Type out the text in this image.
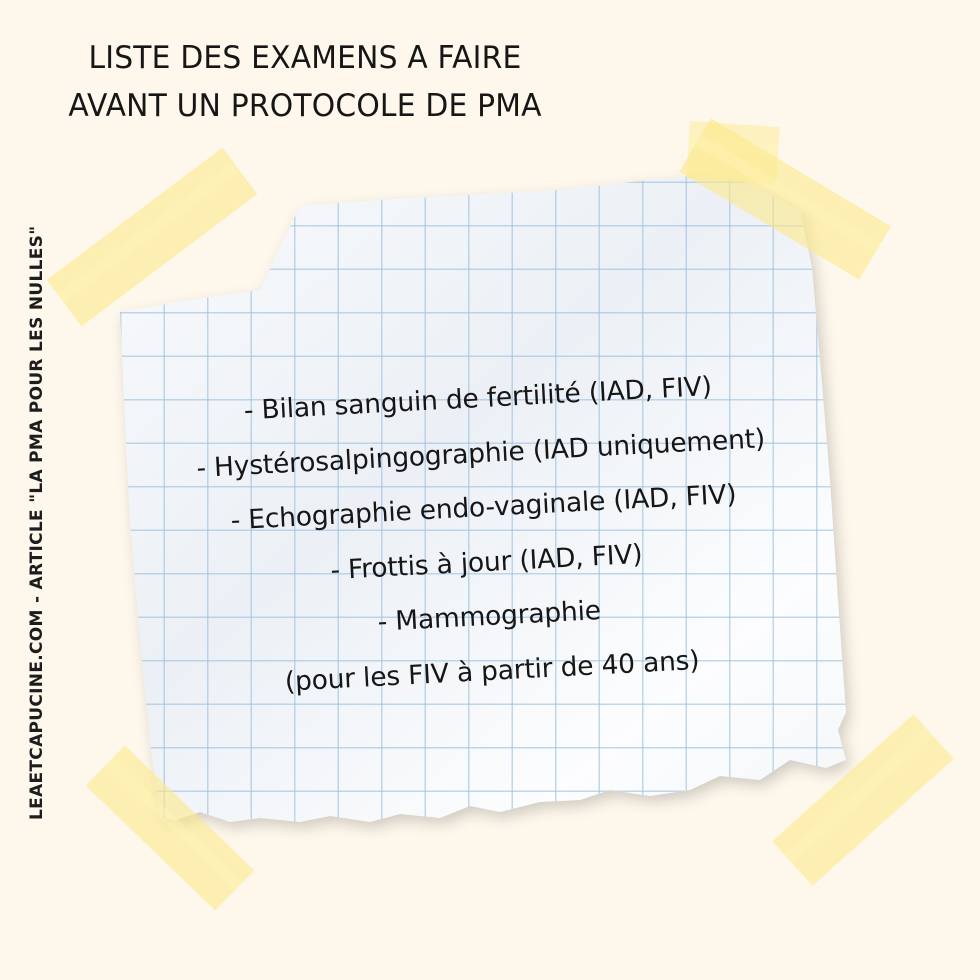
LISTE DES EXAMENS A FAIRE
AVANT UN PROTOCOLE DE PMA
LEAETCAPUCINE.COM - ARTICLE "LA PMA POUR LES NULLES"	- Bilan sanguin de fertilité (IAD, FIV)
- Hystérosalpingographie (IAD uniquement)
- Echographie endo-vaginale (IAD, FIV)
- Frottis à jour (IAD, FIV)
- Mammographie
(pour les FIV à partir de 40 ans)
